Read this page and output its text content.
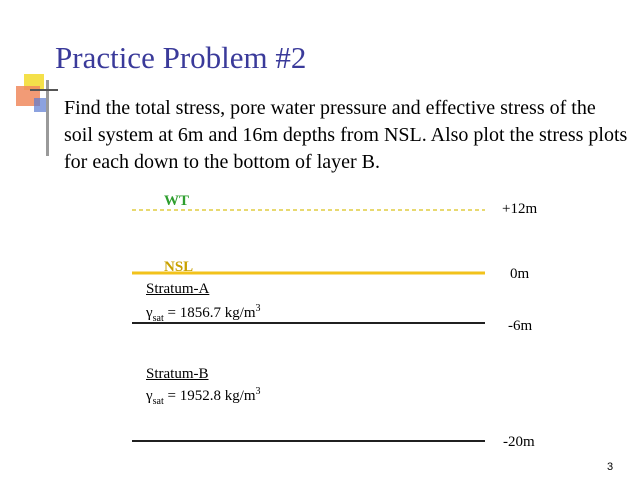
Practice Problem #2
Find the total stress, pore water pressure and effective stress of the soil system at 6m and 16m depths from NSL. Also plot the stress plots for each down to the bottom of layer B.
WT	+12m
NSL	0m
Stratum-A
$\gamma_{sat} = 1856.7$ $kg/m^3$
-6m
Stratum-B
$\gamma_{sat} = 1952.8$ $kg/m^3$
-20m
3
